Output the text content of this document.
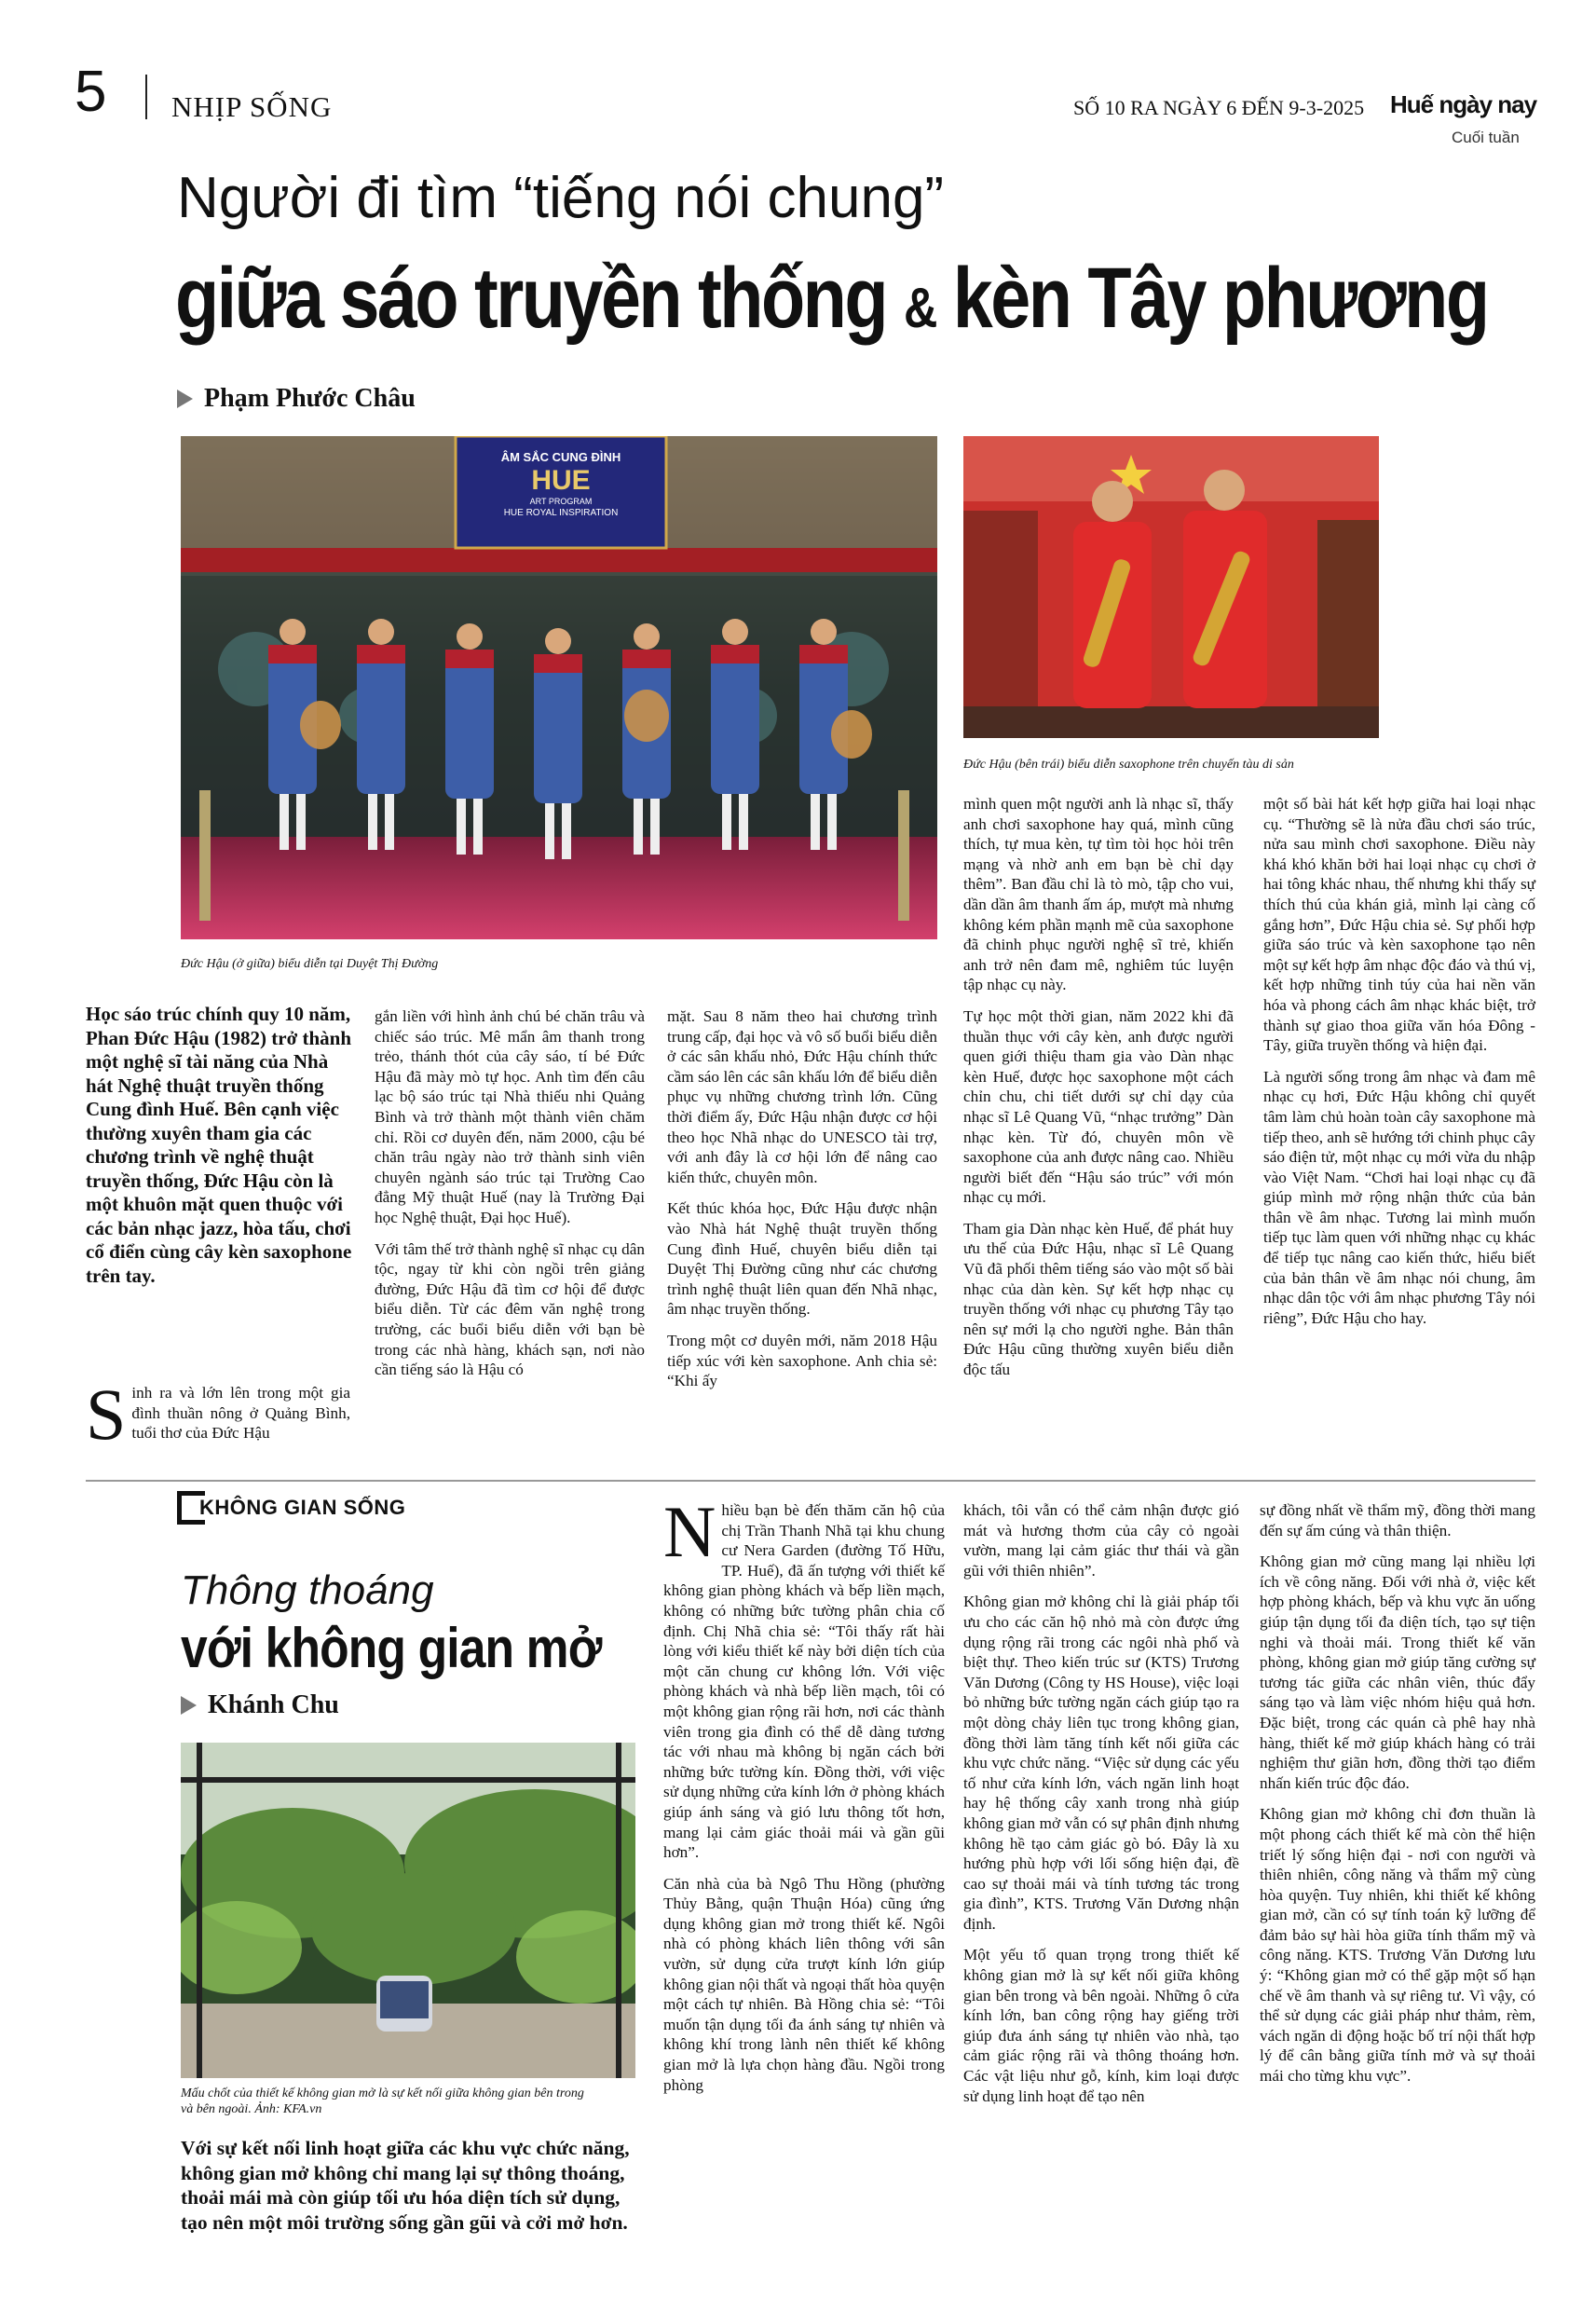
5 NHỊP SỐNG	SỐ 10 RA NGÀY 6 ĐẾN 9-3-2025 Huế ngày nay
Cuối tuần
Người đi tìm “tiếng nói chung”
giữa sáo truyền thống & kèn Tây phương
Phạm Phước Châu
ÂM SẮC CUNG ĐÌNH
HUE
ART PROGRAM
HUE ROYAL INSPIRATION
Đức Hậu (ở giữa) biểu diễn tại Duyệt Thị Đường
Đức Hậu (bên trái) biểu diễn saxophone trên chuyến tàu di sản
Học sáo trúc chính quy 10 năm, Phan Đức Hậu (1982) trở thành một nghệ sĩ tài năng của Nhà hát Nghệ thuật truyền thống Cung đình Huế. Bên cạnh việc thường xuyên tham gia các chương trình về nghệ thuật truyền thống, Đức Hậu còn là một khuôn mặt quen thuộc với các bản nhạc jazz, hòa tấu, chơi cổ điển cùng cây kèn saxophone trên tay.

Sinh ra và lớn lên trong một gia đình thuần nông ở Quảng Bình, tuổi thơ của Đức Hậu

gắn liền với hình ảnh chú bé chăn trâu và chiếc sáo trúc. Mê mẩn âm thanh trong trẻo, thánh thót của cây sáo, tí bé Đức Hậu đã mày mò tự học. Anh tìm đến câu lạc bộ sáo trúc tại Nhà thiếu nhi Quảng Bình và trở thành một thành viên chăm chỉ. Rồi cơ duyên đến, năm 2000, cậu bé chăn trâu ngày nào trở thành sinh viên chuyên ngành sáo trúc tại Trường Cao đẳng Mỹ thuật Huế (nay là Trường Đại học Nghệ thuật, Đại học Huế).

Với tâm thế trở thành nghệ sĩ nhạc cụ dân tộc, ngay từ khi còn ngồi trên giảng đường, Đức Hậu đã tìm cơ hội để được biểu diễn. Từ các đêm văn nghệ trong trường, các buổi biểu diễn với bạn bè trong các nhà hàng, khách sạn, nơi nào cần tiếng sáo là Hậu có

mặt. Sau 8 năm theo hai chương trình trung cấp, đại học và vô số buổi biểu diễn ở các sân khấu nhỏ, Đức Hậu chính thức cầm sáo lên các sân khấu lớn để biểu diễn phục vụ những chương trình lớn. Cũng thời điểm ấy, Đức Hậu nhận được cơ hội theo học Nhã nhạc do UNESCO tài trợ, với anh đây là cơ hội lớn để nâng cao kiến thức, chuyên môn.

Kết thúc khóa học, Đức Hậu được nhận vào Nhà hát Nghệ thuật truyền thống Cung đình Huế, chuyên biểu diễn tại Duyệt Thị Đường cũng như các chương trình nghệ thuật liên quan đến Nhã nhạc, âm nhạc truyền thống.

Trong một cơ duyên mới, năm 2018 Hậu tiếp xúc với kèn saxophone. Anh chia sẻ: “Khi ấy

mình quen một người anh là nhạc sĩ, thấy anh chơi saxophone hay quá, mình cũng thích, tự mua kèn, tự tìm tòi học hỏi trên mạng và nhờ anh em bạn bè chỉ dạy thêm”. Ban đầu chỉ là tò mò, tập cho vui, dần dần âm thanh ấm áp, mượt mà nhưng không kém phần mạnh mẽ của saxophone đã chinh phục người nghệ sĩ trẻ, khiến anh trở nên đam mê, nghiêm túc luyện tập nhạc cụ này.

Tự học một thời gian, năm 2022 khi đã thuần thục với cây kèn, anh được người quen giới thiệu tham gia vào Dàn nhạc kèn Huế, được học saxophone một cách chỉn chu, chi tiết dưới sự chỉ dạy của nhạc sĩ Lê Quang Vũ, “nhạc trưởng” Dàn nhạc kèn. Từ đó, chuyên môn về saxophone của anh được nâng cao. Nhiều người biết đến “Hậu sáo trúc” với món nhạc cụ mới.

Tham gia Dàn nhạc kèn Huế, để phát huy ưu thế của Đức Hậu, nhạc sĩ Lê Quang Vũ đã phối thêm tiếng sáo vào một số bài nhạc của dàn kèn. Sự kết hợp nhạc cụ truyền thống với nhạc cụ phương Tây tạo nên sự mới lạ cho người nghe. Bản thân Đức Hậu cũng thường xuyên biểu diễn độc tấu

một số bài hát kết hợp giữa hai loại nhạc cụ. “Thường sẽ là nửa đầu chơi sáo trúc, nửa sau mình chơi saxophone. Điều này khá khó khăn bởi hai loại nhạc cụ chơi ở hai tông khác nhau, thế nhưng khi thấy sự thích thú của khán giả, mình lại càng cố gắng hơn”, Đức Hậu chia sẻ. Sự phối hợp giữa sáo trúc và kèn saxophone tạo nên một sự kết hợp âm nhạc độc đáo và thú vị, kết hợp những tinh túy của hai nền văn hóa và phong cách âm nhạc khác biệt, trở thành sự giao thoa giữa văn hóa Đông - Tây, giữa truyền thống và hiện đại.

Là người sống trong âm nhạc và đam mê nhạc cụ hơi, Đức Hậu không chỉ quyết tâm làm chủ hoàn toàn cây saxophone mà tiếp theo, anh sẽ hướng tới chinh phục cây sáo điện tử, một nhạc cụ mới vừa du nhập vào Việt Nam. “Chơi hai loại nhạc cụ đã giúp mình mở rộng nhận thức của bản thân về âm nhạc. Tương lai mình muốn tiếp tục làm quen với những nhạc cụ khác để tiếp tục nâng cao kiến thức, hiểu biết của bản thân về âm nhạc nói chung, âm nhạc dân tộc với âm nhạc phương Tây nói riêng”, Đức Hậu cho hay.

KHÔNG GIAN SỐNG
Thông thoáng
với không gian mở
Khánh Chu
Mấu chốt của thiết kế không gian mở là sự kết nối giữa không gian bên trong và bên ngoài. Ảnh: KFA.vn
Với sự kết nối linh hoạt giữa các khu vực chức năng, không gian mở không chỉ mang lại sự thông thoáng, thoải mái mà còn giúp tối ưu hóa diện tích sử dụng, tạo nên một môi trường sống gần gũi và cởi mở hơn.

Nhiều bạn bè đến thăm căn hộ của chị Trần Thanh Nhã tại khu chung cư Nera Garden (đường Tố Hữu, TP. Huế), đã ấn tượng với thiết kế không gian phòng khách và bếp liền mạch, không có những bức tường phân chia cố định. Chị Nhã chia sẻ: “Tôi thấy rất hài lòng với kiểu thiết kế này bởi diện tích của một căn chung cư không lớn. Với việc phòng khách và nhà bếp liền mạch, tôi có một không gian rộng rãi hơn, nơi các thành viên trong gia đình có thể dễ dàng tương tác với nhau mà không bị ngăn cách bởi những bức tường kín. Đồng thời, với việc sử dụng những cửa kính lớn ở phòng khách giúp ánh sáng và gió lưu thông tốt hơn, mang lại cảm giác thoải mái và gần gũi hơn”.

Căn nhà của bà Ngô Thu Hồng (phường Thủy Bằng, quận Thuận Hóa) cũng ứng dụng không gian mở trong thiết kế. Ngôi nhà có phòng khách liên thông với sân vườn, sử dụng cửa trượt kính lớn giúp không gian nội thất và ngoại thất hòa quyện một cách tự nhiên. Bà Hồng chia sẻ: “Tôi muốn tận dụng tối đa ánh sáng tự nhiên và không khí trong lành nên thiết kế không gian mở là lựa chọn hàng đầu. Ngồi trong phòng

khách, tôi vẫn có thể cảm nhận được gió mát và hương thơm của cây cỏ ngoài vườn, mang lại cảm giác thư thái và gần gũi với thiên nhiên”.

Không gian mở không chỉ là giải pháp tối ưu cho các căn hộ nhỏ mà còn được ứng dụng rộng rãi trong các ngôi nhà phố và biệt thự. Theo kiến trúc sư (KTS) Trương Văn Dương (Công ty HS House), việc loại bỏ những bức tường ngăn cách giúp tạo ra một dòng chảy liên tục trong không gian, đồng thời làm tăng tính kết nối giữa các khu vực chức năng. “Việc sử dụng các yếu tố như cửa kính lớn, vách ngăn linh hoạt hay hệ thống cây xanh trong nhà giúp không gian mở vẫn có sự phân định nhưng không hề tạo cảm giác gò bó. Đây là xu hướng phù hợp với lối sống hiện đại, đề cao sự thoải mái và tính tương tác trong gia đình”, KTS. Trương Văn Dương nhận định.

Một yếu tố quan trọng trong thiết kế không gian mở là sự kết nối giữa không gian bên trong và bên ngoài. Những ô cửa kính lớn, ban công rộng hay giếng trời giúp đưa ánh sáng tự nhiên vào nhà, tạo cảm giác rộng rãi và thông thoáng hơn. Các vật liệu như gỗ, kính, kim loại được sử dụng linh hoạt để tạo nên

sự đồng nhất về thẩm mỹ, đồng thời mang đến sự ấm cúng và thân thiện.

Không gian mở cũng mang lại nhiều lợi ích về công năng. Đối với nhà ở, việc kết hợp phòng khách, bếp và khu vực ăn uống giúp tận dụng tối đa diện tích, tạo sự tiện nghi và thoải mái. Trong thiết kế văn phòng, không gian mở giúp tăng cường sự tương tác giữa các nhân viên, thúc đẩy sáng tạo và làm việc nhóm hiệu quả hơn. Đặc biệt, trong các quán cà phê hay nhà hàng, thiết kế mở giúp khách hàng có trải nghiệm thư giãn hơn, đồng thời tạo điểm nhấn kiến trúc độc đáo.

Không gian mở không chỉ đơn thuần là một phong cách thiết kế mà còn thể hiện triết lý sống hiện đại - nơi con người và thiên nhiên, công năng và thẩm mỹ cùng hòa quyện. Tuy nhiên, khi thiết kế không gian mở, cần có sự tính toán kỹ lưỡng để đảm bảo sự hài hòa giữa tính thẩm mỹ và công năng. KTS. Trương Văn Dương lưu ý: “Không gian mở có thể gặp một số hạn chế về âm thanh và sự riêng tư. Vì vậy, có thể sử dụng các giải pháp như thảm, rèm, vách ngăn di động hoặc bố trí nội thất hợp lý để cân bằng giữa tính mở và sự thoải mái cho từng khu vực”.
